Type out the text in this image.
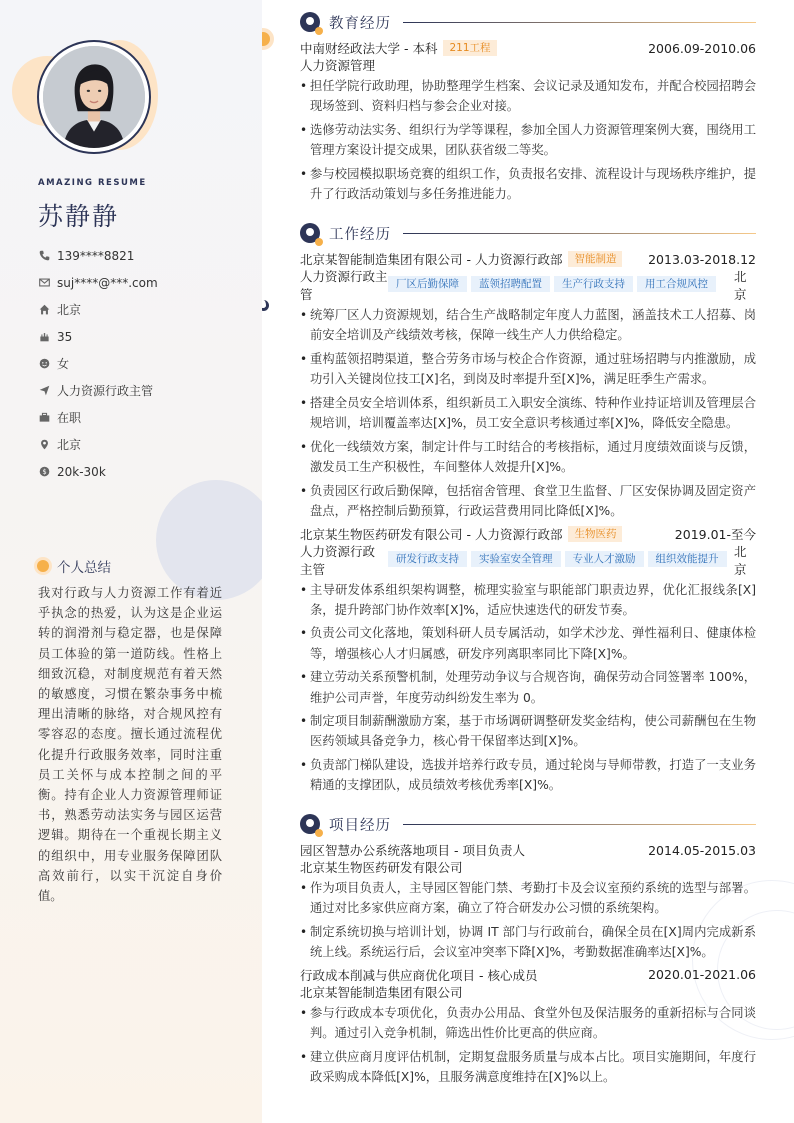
AMAZING RESUME
苏静静
139****8821
suj****@***.com
北京
35
女
人力资源行政主管
在职
北京
$ 20k-30k
个人总结
我对行政与人力资源工作有着近乎执念的热爱，认为这是企业运转的润滑剂与稳定器，也是保障员工体验的第一道防线。性格上细致沉稳，对制度规范有着天然的敏感度，习惯在繁杂事务中梳理出清晰的脉络，对合规风控有零容忍的态度。擅长通过流程优化提升行政服务效率，同时注重员工关怀与成本控制之间的平衡。持有企业人力资源管理师证书，熟悉劳动法实务与园区运营逻辑。期待在一个重视长期主义的组织中，用专业服务保障团队高效前行，以实干沉淀自身价值。
教育经历
中南财经政法大学 - 本科	211工程	2006.09-2010.06
人力资源管理
• 担任学院行政助理，协助整理学生档案、会议记录及通知发布，并配合校园招聘会现场签到、资料归档与参会企业对接。
• 选修劳动法实务、组织行为学等课程，参加全国人力资源管理案例大赛，围绕用工管理方案设计提交成果，团队获省级二等奖。
• 参与校园模拟职场竞赛的组织工作，负责报名安排、流程设计与现场秩序维护，提升了行政活动策划与多任务推进能力。
工作经历
北京某智能制造集团有限公司 - 人力资源行政部	智能制造	2013.03-2018.12
人力资源行政主
管
厂区后勤保障	蓝领招聘配置	生产行政支持	用工合规风控	北
京
• 统筹厂区人力资源规划，结合生产战略制定年度人力蓝图，涵盖技术工人招募、岗前安全培训及产线绩效考核，保障一线生产人力供给稳定。
• 重构蓝领招聘渠道，整合劳务市场与校企合作资源，通过驻场招聘与内推激励，成功引入关键岗位技工[X]名，到岗及时率提升至[X]%，满足旺季生产需求。
• 搭建全员安全培训体系，组织新员工入职安全演练、特种作业持证培训及管理层合规培训，培训覆盖率达[X]%，员工安全意识考核通过率[X]%，降低安全隐患。
• 优化一线绩效方案，制定计件与工时结合的考核指标，通过月度绩效面谈与反馈，激发员工生产积极性，车间整体人效提升[X]%。
• 负责园区行政后勤保障，包括宿舍管理、食堂卫生监督、厂区安保协调及固定资产盘点，严格控制后勤预算，行政运营费用同比降低[X]%。
北京某生物医药研发有限公司 - 人力资源行政部	生物医药	2019.01-至今
人力资源行政
主管
研发行政支持	实验室安全管理	专业人才激励	组织效能提升	北
京
• 主导研发体系组织架构调整，梳理实验室与职能部门职责边界，优化汇报线条[X]条，提升跨部门协作效率[X]%，适应快速迭代的研发节奏。
• 负责公司文化落地，策划科研人员专属活动，如学术沙龙、弹性福利日、健康体检等，增强核心人才归属感，研发序列离职率同比下降[X]%。
• 建立劳动关系预警机制，处理劳动争议与合规咨询，确保劳动合同签署率 100%，维护公司声誉，年度劳动纠纷发生率为 0。
• 制定项目制薪酬激励方案，基于市场调研调整研发奖金结构，使公司薪酬包在生物医药领域具备竞争力，核心骨干保留率达到[X]%。
• 负责部门梯队建设，选拔并培养行政专员，通过轮岗与导师带教，打造了一支业务精通的支撑团队，成员绩效考核优秀率[X]%。
项目经历
园区智慧办公系统落地项目 - 项目负责人	2014.05-2015.03
北京某生物医药研发有限公司
• 作为项目负责人，主导园区智能门禁、考勤打卡及会议室预约系统的选型与部署。通过对比多家供应商方案，确立了符合研发办公习惯的系统架构。
• 制定系统切换与培训计划，协调 IT 部门与行政前台，确保全员在[X]周内完成新系统上线。系统运行后，会议室冲突率下降[X]%，考勤数据准确率达[X]%。
行政成本削减与供应商优化项目 - 核心成员	2020.01-2021.06
北京某智能制造集团有限公司
• 参与行政成本专项优化，负责办公用品、食堂外包及保洁服务的重新招标与合同谈判。通过引入竞争机制，筛选出性价比更高的供应商。
• 建立供应商月度评估机制，定期复盘服务质量与成本占比。项目实施期间，年度行政采购成本降低[X]%，且服务满意度维持在[X]%以上。
